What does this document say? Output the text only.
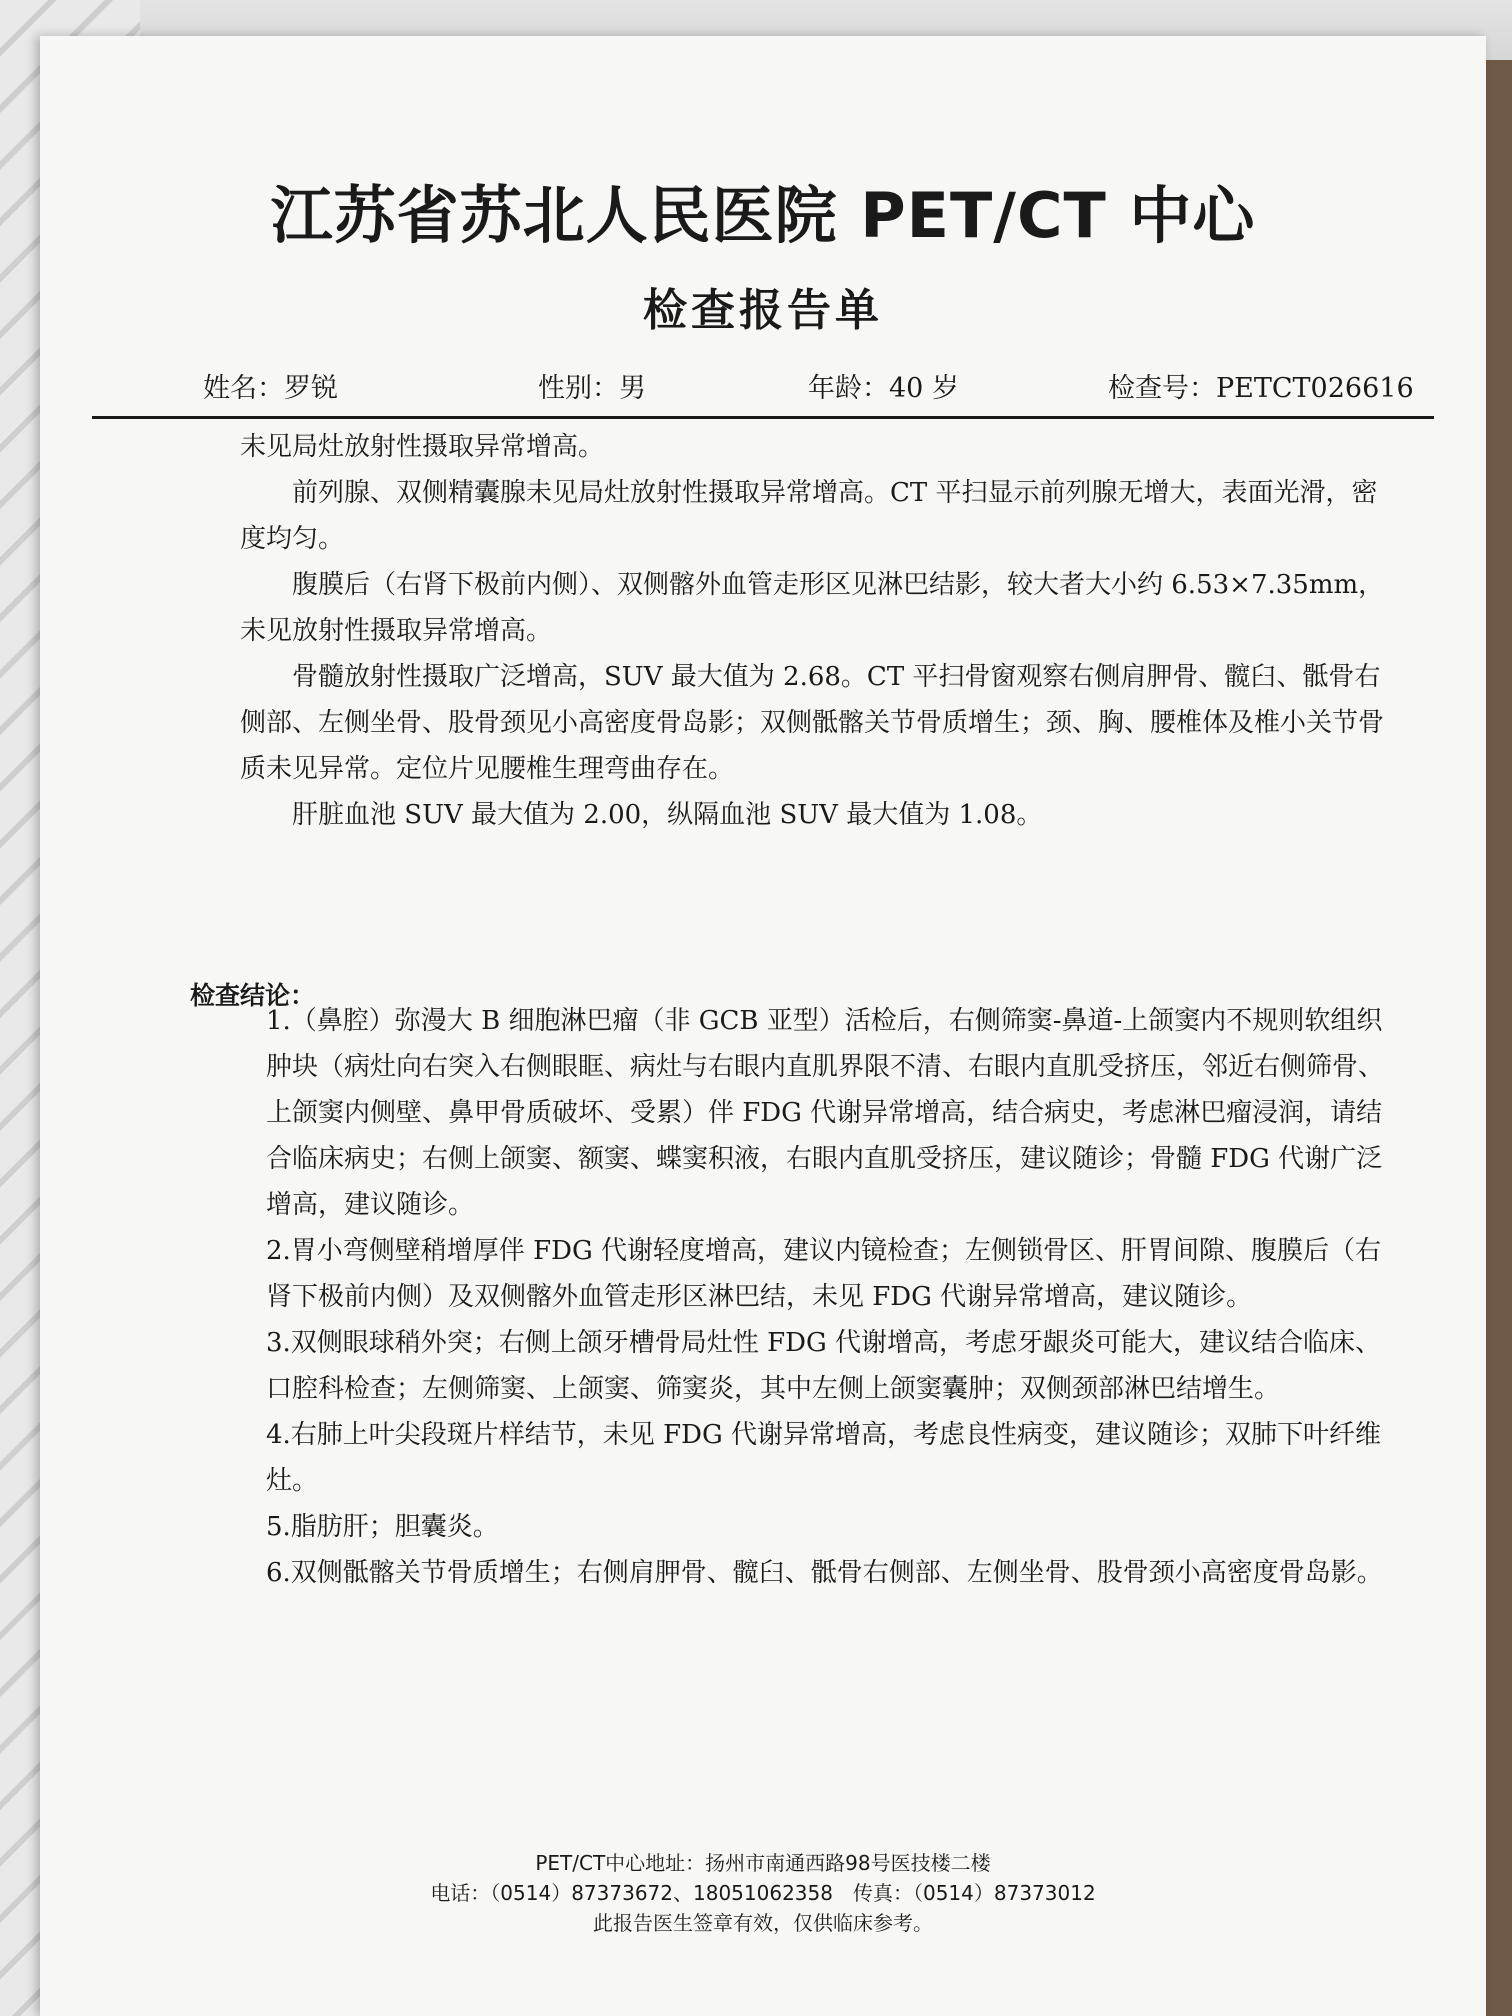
江苏省苏北人民医院 PET/CT 中心
检查报告单
姓名：罗锐	性别：男	年龄：40 岁	检查号：PETCT026616

未见局灶放射性摄取异常增高。

前列腺、双侧精囊腺未见局灶放射性摄取异常增高。CT 平扫显示前列腺无增大，表面光滑，密度均匀。

腹膜后（右肾下极前内侧）、双侧髂外血管走形区见淋巴结影，较大者大小约 6.53×7.35mm，未见放射性摄取异常增高。

骨髓放射性摄取广泛增高，SUV 最大值为 2.68。CT 平扫骨窗观察右侧肩胛骨、髋臼、骶骨右侧部、左侧坐骨、股骨颈见小高密度骨岛影；双侧骶髂关节骨质增生；颈、胸、腰椎体及椎小关节骨质未见异常。定位片见腰椎生理弯曲存在。

肝脏血池 SUV 最大值为 2.00，纵隔血池 SUV 最大值为 1.08。

检查结论：

1.（鼻腔）弥漫大 B 细胞淋巴瘤（非 GCB 亚型）活检后，右侧筛窦-鼻道-上颌窦内不规则软组织肿块（病灶向右突入右侧眼眶、病灶与右眼内直肌界限不清、右眼内直肌受挤压，邻近右侧筛骨、上颌窦内侧壁、鼻甲骨质破坏、受累）伴 FDG 代谢异常增高，结合病史，考虑淋巴瘤浸润，请结合临床病史；右侧上颌窦、额窦、蝶窦积液，右眼内直肌受挤压，建议随诊；骨髓 FDG 代谢广泛增高，建议随诊。

2.胃小弯侧壁稍增厚伴 FDG 代谢轻度增高，建议内镜检查；左侧锁骨区、肝胃间隙、腹膜后（右肾下极前内侧）及双侧髂外血管走形区淋巴结，未见 FDG 代谢异常增高，建议随诊。

3.双侧眼球稍外突；右侧上颌牙槽骨局灶性 FDG 代谢增高，考虑牙龈炎可能大，建议结合临床、口腔科检查；左侧筛窦、上颌窦、筛窦炎，其中左侧上颌窦囊肿；双侧颈部淋巴结增生。

4.右肺上叶尖段斑片样结节，未见 FDG 代谢异常增高，考虑良性病变，建议随诊；双肺下叶纤维灶。

5.脂肪肝；胆囊炎。

6.双侧骶髂关节骨质增生；右侧肩胛骨、髋臼、骶骨右侧部、左侧坐骨、股骨颈小高密度骨岛影。

PET/CT中心地址：扬州市南通西路98号医技楼二楼
电话：（0514）87373672、18051062358　传真：（0514）87373012
此报告医生签章有效，仅供临床参考。
